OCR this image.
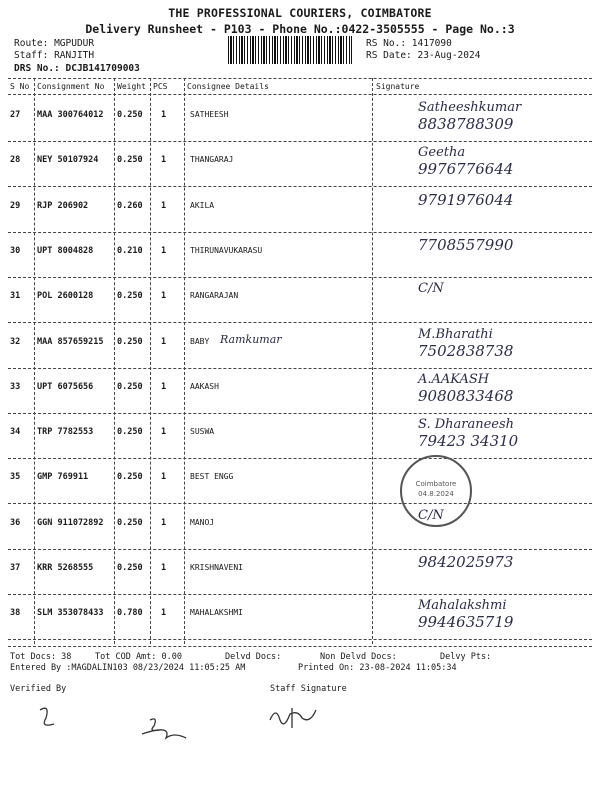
THE PROFESSIONAL COURIERS, COIMBATORE
Delivery Runsheet - P103 - Phone No.:0422-3505555 - Page No.:3
Route: MGPUDUR
Staff: RANJITH
DRS No.: DCJB141709003
RS No.: 1417090
RS Date: 23-Aug-2024
S No Consignment No Weight PCS Consignee Details	Signature
27 MAA 300764012 0.250 1	SATHEESH	Satheeshkumar
8838788309
28 NEY 50107924 0.250 1	THANGARAJ	Geetha
9976776644
29 RJP 206902	0.260 1	AKILA	9791976044
30 UPT 8004828	0.210 1	THIRUNAVUKARASU	7708557990
31 POL 2600128	0.250 1	RANGARAJAN	C/N
32 MAA 857659215 0.250 1	BABY Ramkumar	M.Bharathi
7502838738
33 UPT 6075656	0.250 1	AAKASH	A.AAKASH
9080833468
34 TRP 7782553	0.250 1	SUSWA	S. Dharaneesh
79423 34310
35 GMP 769911	0.250 1	BEST ENGG
36 GGN 911072892 0.250 1	MANOJ	C/N
37 KRR 5268555	0.250 1	KRISHNAVENI	9842025973
38 SLM 353078433 0.780 1	MAHALAKSHMI	Mahalakshmi
9944635719
Coimbatore
04.8.2024
Tot Docs: 38	Tot COD Amt: 0.00	Delvd Docs:	Non Delvd Docs:	Delvy Pts:
Entered By :MAGDALIN103 08/23/2024 11:05:25 AM	Printed On: 23-08-2024 11:05:34
Verified By	Staff Signature
